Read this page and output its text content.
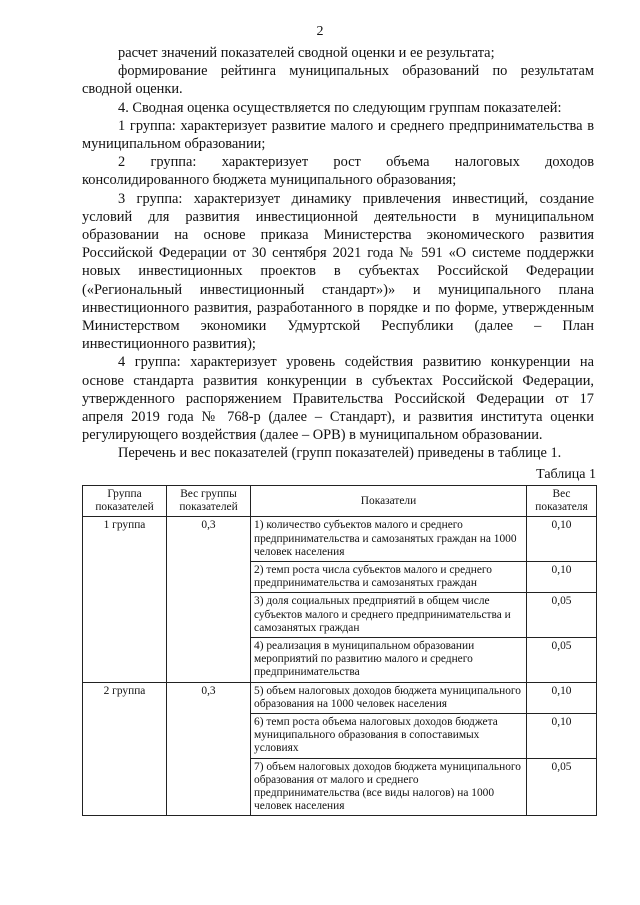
2

расчет значений показателей сводной оценки и ее результата;

формирование рейтинга муниципальных образований по результатам сводной оценки.

4. Сводная оценка осуществляется по следующим группам показателей:

1 группа: характеризует развитие малого и среднего предпринимательства в муниципальном образовании;

2 группа: характеризует рост объема налоговых доходов консолидированного бюджета муниципального образования;

3 группа: характеризует динамику привлечения инвестиций, создание условий для развития инвестиционной деятельности в муниципальном образовании на основе приказа Министерства экономического развития Российской Федерации от 30 сентября 2021 года № 591 «О системе поддержки новых инвестиционных проектов в субъектах Российской Федерации («Региональный инвестиционный стандарт»)» и муниципального плана инвестиционного развития, разработанного в порядке и по форме, утвержденным Министерством экономики Удмуртской Республики (далее – План инвестиционного развития);

4 группа: характеризует уровень содействия развитию конкуренции на основе стандарта развития конкуренции в субъектах Российской Федерации, утвержденного распоряжением Правительства Российской Федерации от 17 апреля 2019 года № 768-р (далее – Стандарт), и развития института оценки регулирующего воздействия (далее – ОРВ) в муниципальном образовании.

Перечень и вес показателей (групп показателей) приведены в таблице 1.

Таблица 1
Группа показателей	Вес группы показателей	Показатели	Вес показателя
1 группа	0,3	1) количество субъектов малого и среднего предпринимательства и самозанятых граждан на 1000 человек населения	0,10
		2) темп роста числа субъектов малого и среднего предпринимательства и самозанятых граждан	0,10
		3) доля социальных предприятий в общем числе субъектов малого и среднего предпринимательства и самозанятых граждан	0,05
		4) реализация в муниципальном образовании мероприятий по развитию малого и среднего предпринимательства	0,05
2 группа	0,3	5) объем налоговых доходов бюджета муниципального образования на 1000 человек населения	0,10
		6) темп роста объема налоговых доходов бюджета муниципального образования в сопоставимых условиях	0,10
		7) объем налоговых доходов бюджета муниципального образования от малого и среднего предпринимательства (все виды налогов) на 1000 человек населения	0,05
